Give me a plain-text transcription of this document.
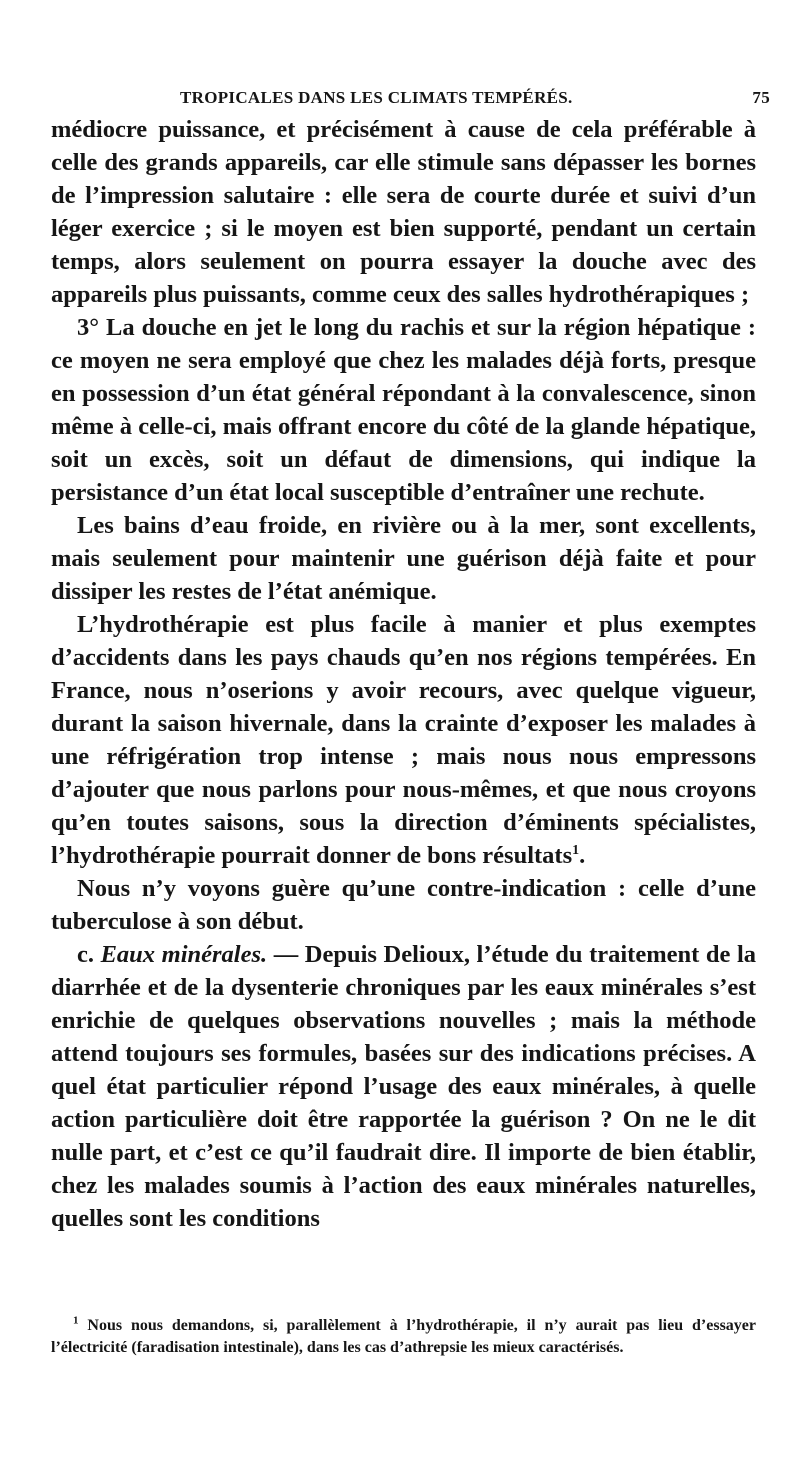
TROPICALES DANS LES CLIMATS TEMPÉRÉS.	75

médiocre puissance, et précisément à cause de cela préférable à celle des grands appareils, car elle stimule sans dépasser les bornes de l’impression salutaire : elle sera de courte durée et suivi d’un léger exercice ; si le moyen est bien supporté, pendant un certain temps, alors seulement on pourra essayer la douche avec des appareils plus puissants, comme ceux des salles hydrothérapiques ;

3° La douche en jet le long du rachis et sur la région hépatique : ce moyen ne sera employé que chez les malades déjà forts, presque en possession d’un état général répondant à la convalescence, sinon même à celle-ci, mais offrant encore du côté de la glande hépatique, soit un excès, soit un défaut de dimensions, qui indique la persistance d’un état local susceptible d’entraîner une rechute.

Les bains d’eau froide, en rivière ou à la mer, sont excellents, mais seulement pour maintenir une guérison déjà faite et pour dissiper les restes de l’état anémique.

L’hydrothérapie est plus facile à manier et plus exemptes d’accidents dans les pays chauds qu’en nos régions tempérées. En France, nous n’oserions y avoir recours, avec quelque vigueur, durant la saison hivernale, dans la crainte d’exposer les malades à une réfrigération trop intense ; mais nous nous empressons d’ajouter que nous parlons pour nous-mêmes, et que nous croyons qu’en toutes saisons, sous la direction d’éminents spécialistes, l’hydrothérapie pourrait donner de bons résultats$^1$.

Nous n’y voyons guère qu’une contre-indication : celle d’une tuberculose à son début.

c. Eaux minérales. — Depuis Delioux, l’étude du traitement de la diarrhée et de la dysenterie chroniques par les eaux minérales s’est enrichie de quelques observations nouvelles ; mais la méthode attend toujours ses formules, basées sur des indications précises. A quel état particulier répond l’usage des eaux minérales, à quelle action particulière doit être rapportée la guérison ? On ne le dit nulle part, et c’est ce qu’il faudrait dire. Il importe de bien établir, chez les malades soumis à l’action des eaux minérales naturelles, quelles sont les conditions

$^1$ Nous nous demandons, si, parallèlement à l’hydrothérapie, il n’y aurait pas lieu d’essayer l’électricité (faradisation intestinale), dans les cas d’athrepsie les mieux caractérisés.
